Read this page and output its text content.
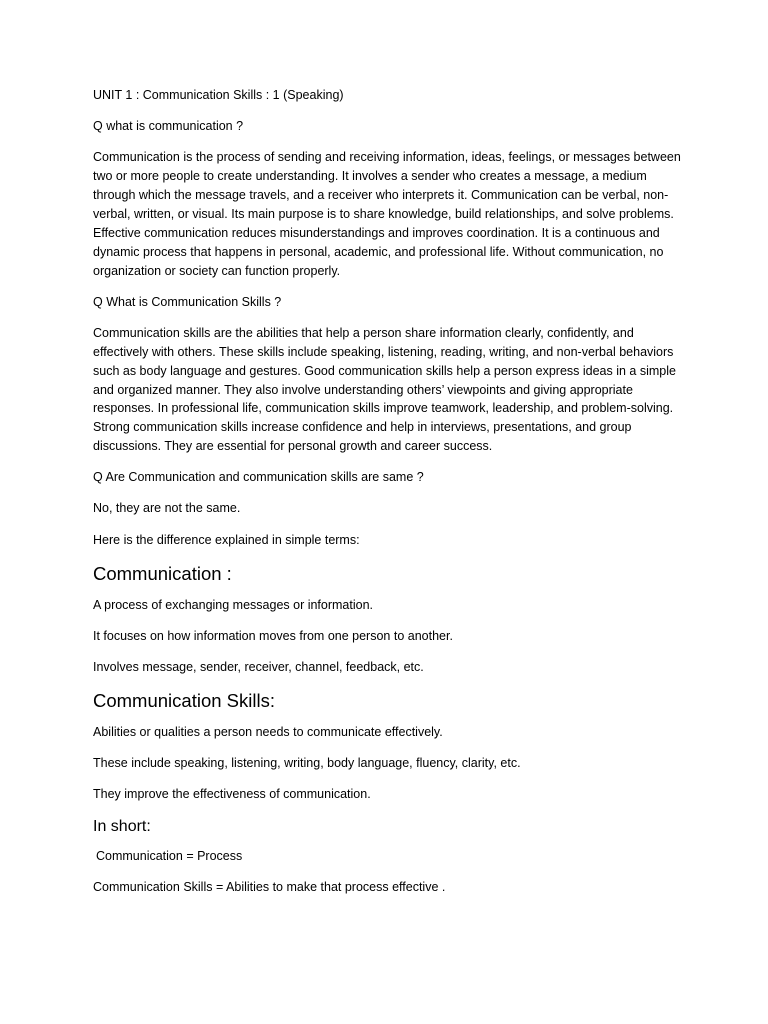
UNIT 1 : Communication Skills : 1 (Speaking)

Q what is communication ?

Communication is the process of sending and receiving information, ideas, feelings, or messages between two or more people to create understanding. It involves a sender who creates a message, a medium through which the message travels, and a receiver who interprets it. Communication can be verbal, non-verbal, written, or visual. Its main purpose is to share knowledge, build relationships, and solve problems. Effective communication reduces misunderstandings and improves coordination. It is a continuous and dynamic process that happens in personal, academic, and professional life. Without communication, no organization or society can function properly.

Q What is Communication Skills ?

Communication skills are the abilities that help a person share information clearly, confidently, and effectively with others. These skills include speaking, listening, reading, writing, and non-verbal behaviors such as body language and gestures. Good communication skills help a person express ideas in a simple and organized manner. They also involve understanding others’ viewpoints and giving appropriate responses. In professional life, communication skills improve teamwork, leadership, and problem-solving. Strong communication skills increase confidence and help in interviews, presentations, and group discussions. They are essential for personal growth and career success.

Q Are Communication and communication skills are same ?

No, they are not the same.

Here is the difference explained in simple terms:

Communication :

A process of exchanging messages or information.

It focuses on how information moves from one person to another.

Involves message, sender, receiver, channel, feedback, etc.

Communication Skills:

Abilities or qualities a person needs to communicate effectively.

These include speaking, listening, writing, body language, fluency, clarity, etc.

They improve the effectiveness of communication.

In short:

Communication = Process

Communication Skills = Abilities to make that process effective .
